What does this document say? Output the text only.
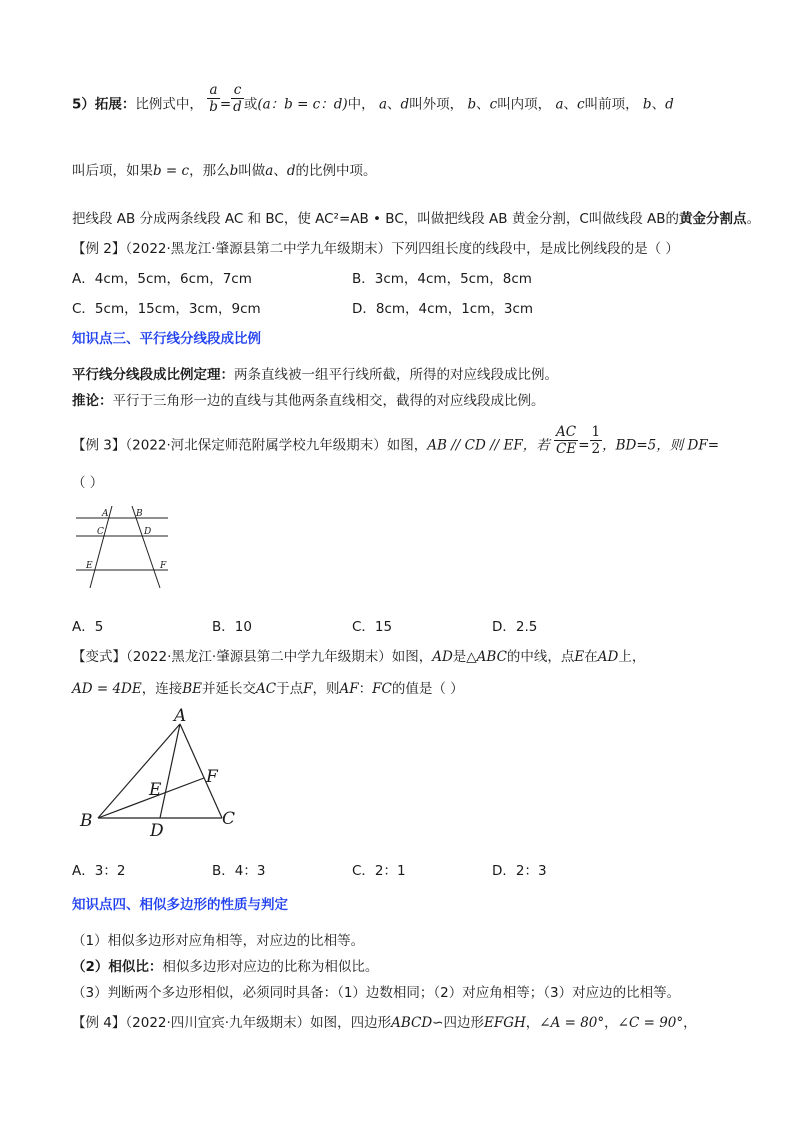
5）拓展：比例式中， $\frac{a}{b} = \frac{c}{d}$ 或(a：b = c：d)中， a、d叫外项， b、c叫内项， a、c叫前项， b、d
叫后项，如果b = c，那么b叫做a、d的比例中项。
把线段 AB 分成两条线段 AC 和 BC，使 AC²=AB • BC，叫做把线段 AB 黄金分割，C叫做线段 AB的黄金分割点。
【例 2】（2022·黑龙江·肇源县第二中学九年级期末）下列四组长度的线段中，是成比例线段的是（ ）
A．4cm，5cm，6cm，7cm	B．3cm，4cm，5cm，8cm
C．5cm，15cm，3cm，9cm	D．8cm，4cm，1cm，3cm
知识点三、平行线分线段成比例
平行线分线段成比例定理：两条直线被一组平行线所截，所得的对应线段成比例。
推论：平行于三角形一边的直线与其他两条直线相交，截得的对应线段成比例。
【例 3】（2022·河北保定师范附属学校九年级期末）如图，AB // CD // EF，若 $\frac{AC}{CE} = \frac{1}{2}$ ，BD=5，则 DF=
（ ）
A	B
C	D
E	F
A．5	B．10	C．15	D．2.5
【变式】（2022·黑龙江·肇源县第二中学九年级期末）如图，AD是△ABC的中线，点E在AD上，
AD = 4DE，连接BE并延长交AC于点F，则AF：FC的值是（ ）
A
B	C
D
E
F
A．3：2	B．4：3	C．2：1	D．2：3
知识点四、相似多边形的性质与判定
（1）相似多边形对应角相等，对应边的比相等。
（2）相似比：相似多边形对应边的比称为相似比。
（3）判断两个多边形相似，必须同时具备：（1）边数相同；（2）对应角相等；（3）对应边的比相等。
【例 4】（2022·四川宜宾·九年级期末）如图，四边形ABCD∽四边形EFGH，∠A = 80°，∠C = 90°，
